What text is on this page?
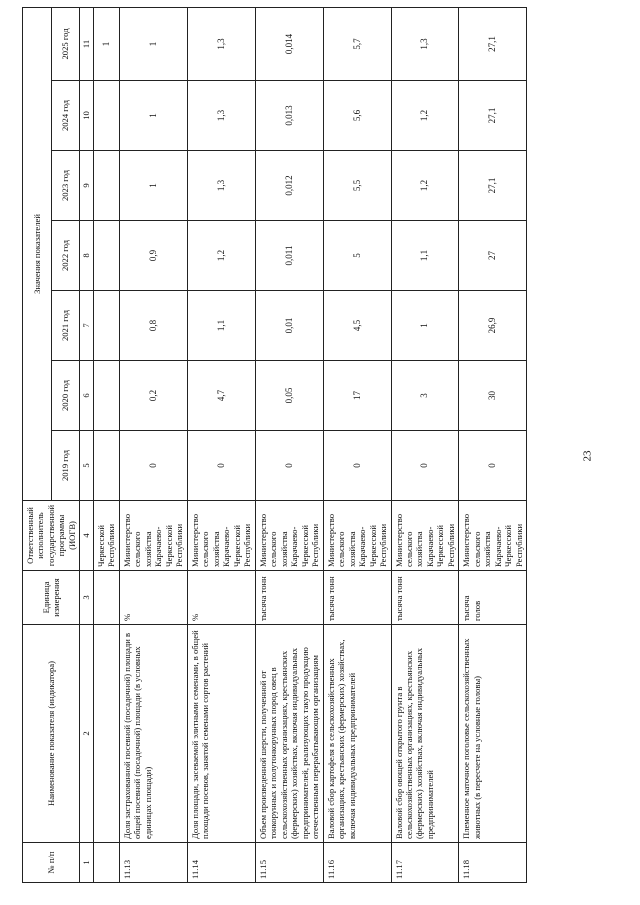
№ п/п	Наименование показателя (индикатора)	Единица измерения	Ответственный исполнитель государственной программы (ИОГВ)	Значения показателей						
				2019 год	2020 год	2021 год	2022 год	2023 год	2024 год	2025 год
1	2	3	4	5	6	7	8	9	10	11
			Черкесской Республики							1
11.13	Доля застрахованной посевной (посадочной) площади в общей посевной (посадочной) площади (в условных единицах площади)	%	Министерство сельского хозяйства Карачаево-Черкесской Республики	0	0,2	0,8	0,9	1	1	1
11.14	Доля площади, засеваемой элитными семенами, в общей площади посевов, занятой семенами сортов растений	%	Министерство сельского хозяйства Карачаево-Черкесской Республики	0	4,7	1,1	1,2	1,3	1,3	1,3
11.15	Объем произведенной шерсти, полученной от тонкорунных и полутонкорунных пород овец в сельскохозяйственных организациях, крестьянских (фермерских) хозяйствах, включая индивидуальных предпринимателей, реализующих такую продукцию отечественным перерабатывающим организациям	тысяча тонн	Министерство сельского хозяйства Карачаево-Черкесской Республики	0	0,05	0,01	0,011	0,012	0,013	0,014
11.16	Валовой сбор картофеля в сельскохозяйственных организациях, крестьянских (фермерских) хозяйствах, включая индивидуальных предпринимателей	тысяча тонн	Министерство сельского хозяйства Карачаево-Черкесской Республики	0	17	4,5	5	5,5	5,6	5,7
11.17	Валовой сбор овощей открытого грунта в сельскохозяйственных организациях, крестьянских (фермерских) хозяйствах, включая индивидуальных предпринимателей	тысяча тонн	Министерство сельского хозяйства Карачаево-Черкесской Республики	0	3	1	1,1	1,2	1,2	1,3
11.18	Племенное маточное поголовье сельскохозяйственных животных (в пересчете на условные головы)	тысяча голов	Министерство сельского хозяйства Карачаево-Черкесской Республики	0	30	26,9	27	27,1	27,1	27,1
23
